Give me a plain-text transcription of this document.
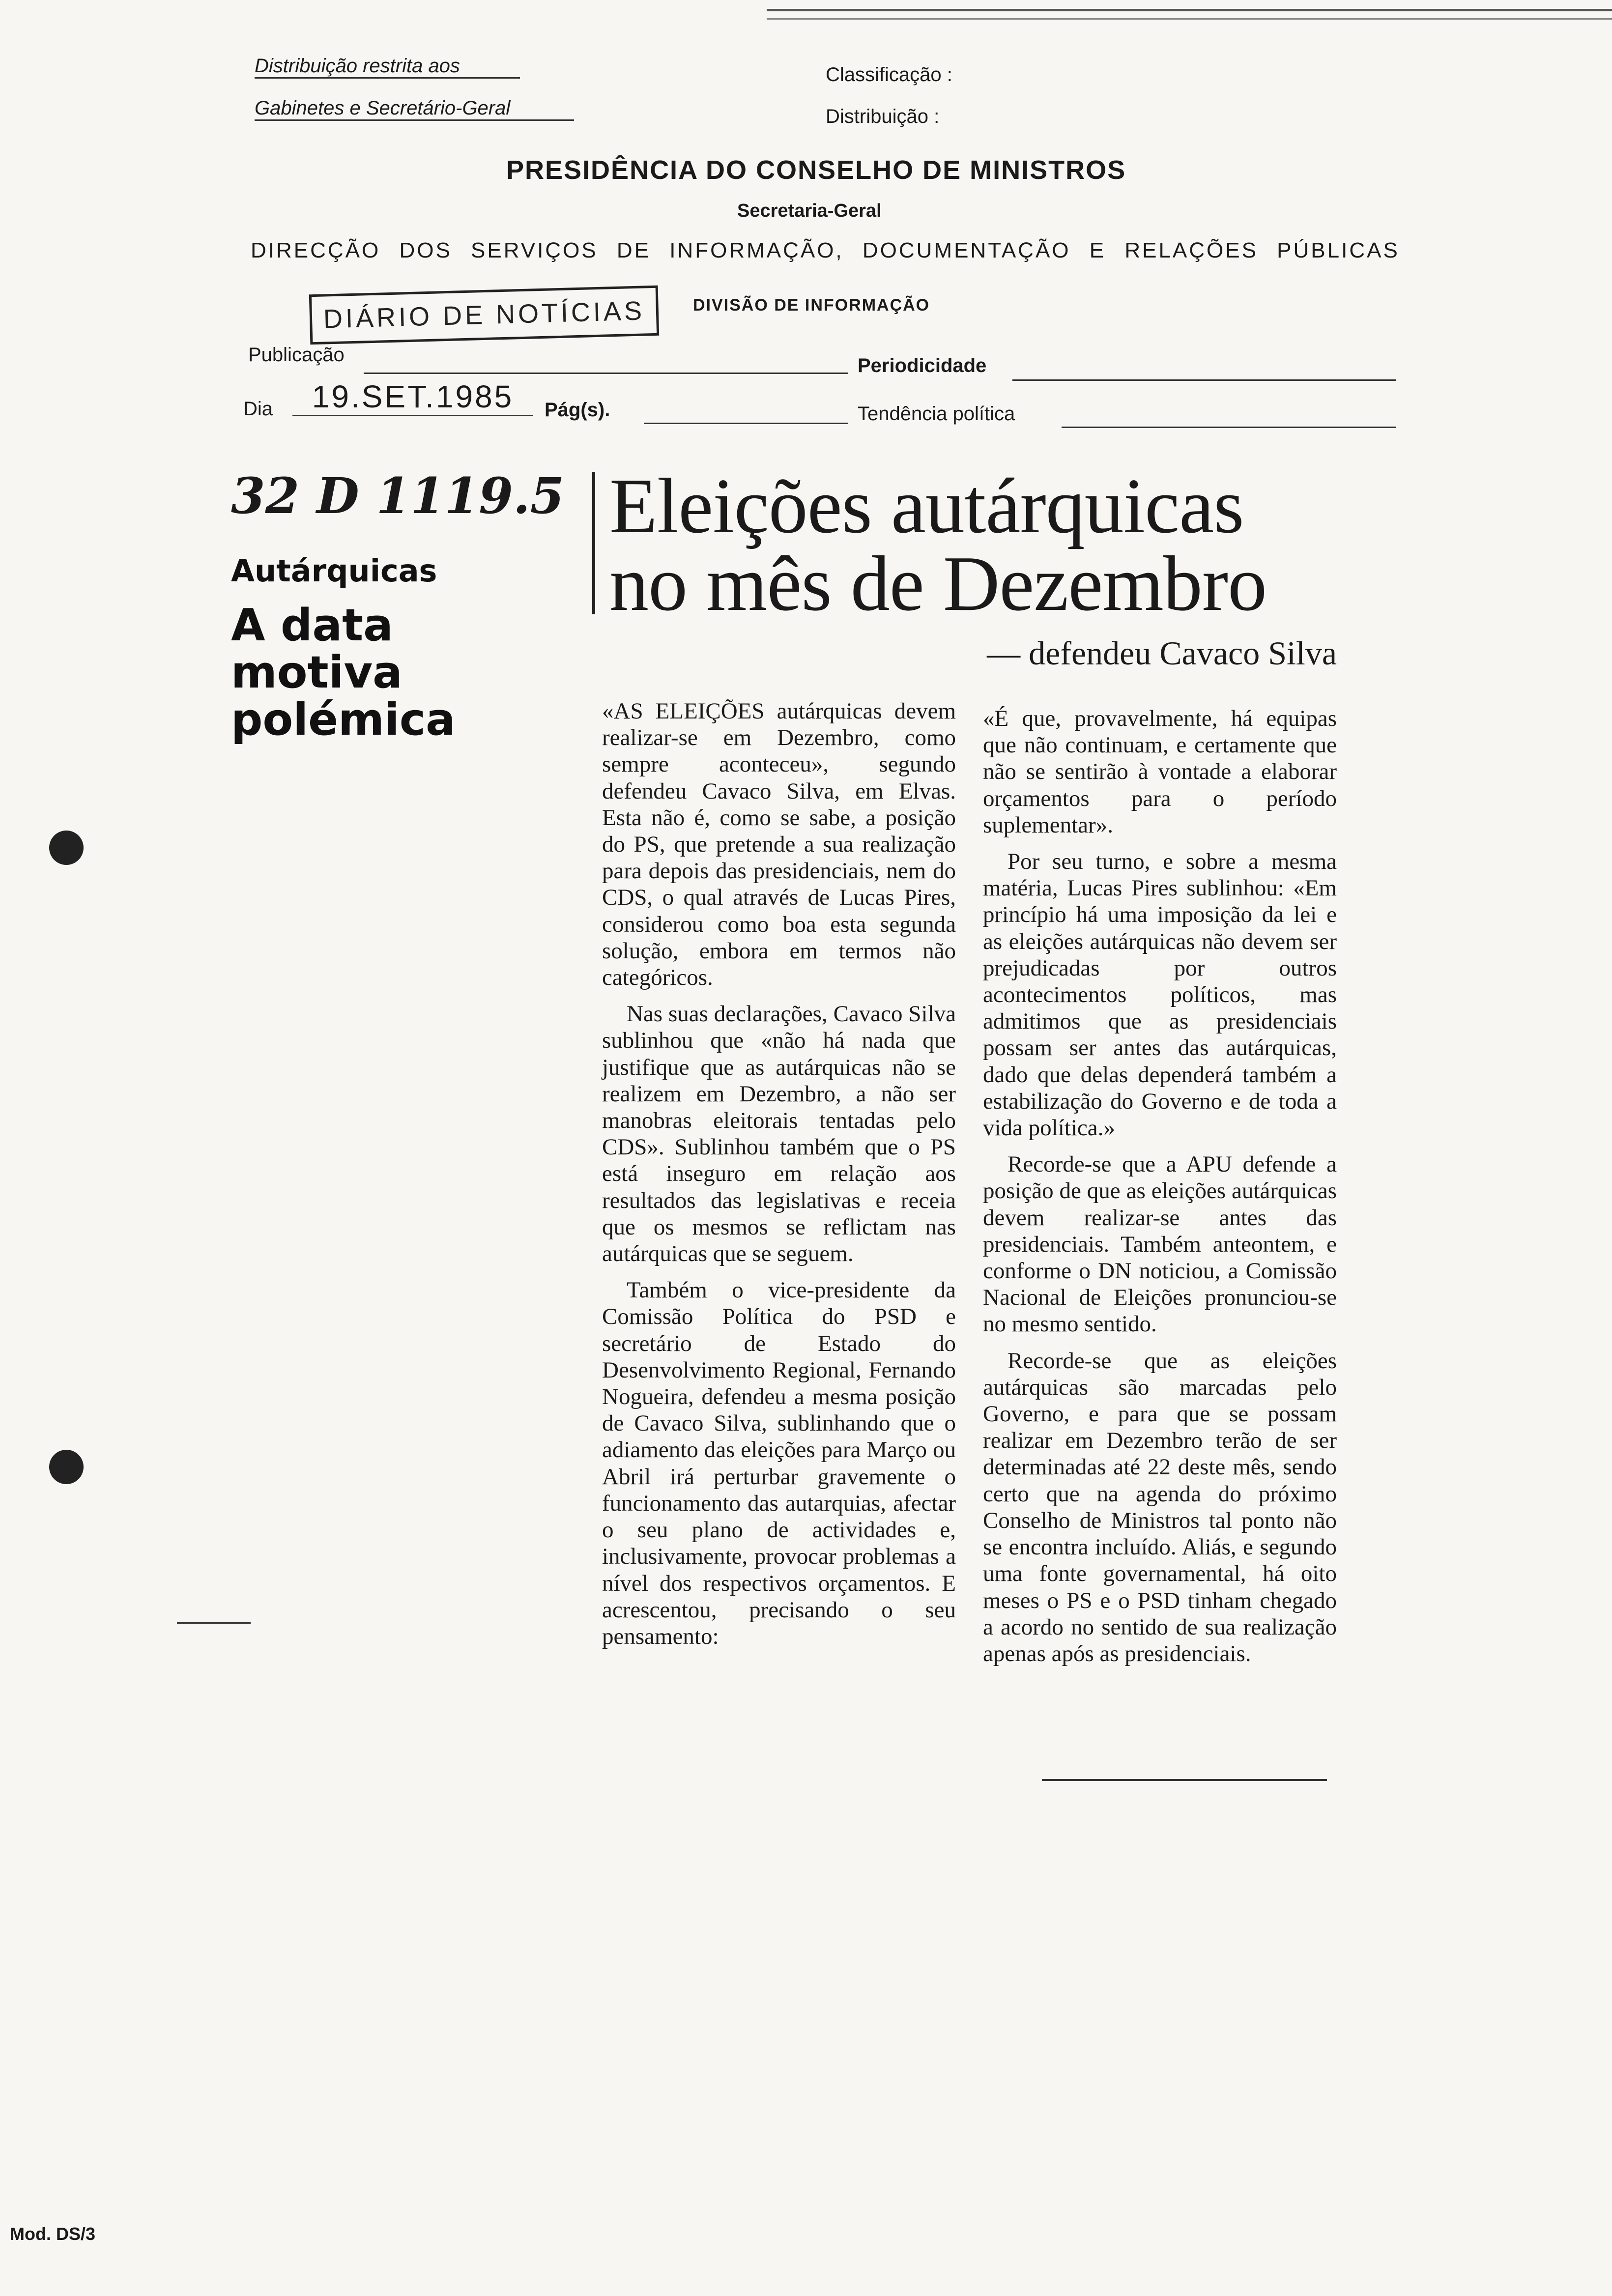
Distribuição restrita aos
Gabinetes e Secretário-Geral
Classificação :
Distribuição :
PRESIDÊNCIA DO CONSELHO DE MINISTROS
Secretaria-Geral
DIRECÇÃO DOS SERVIÇOS DE INFORMAÇÃO, DOCUMENTAÇÃO E RELAÇÕES PÚBLICAS
DIÁRIO DE NOTÍCIAS	DIVISÃO DE INFORMAÇÃO
Publicação	Periodicidade
Dia	19.SET.1985	Pág(s).	Tendência política
32 D 1119.5
Autárquicas
A data
motiva
polémica
Eleições autárquicas
no mês de Dezembro
— defendeu Cavaco Silva

«AS ELEIÇÕES autárquicas devem realizar-se em Dezembro, como sempre aconteceu», segundo defendeu Cavaco Silva, em Elvas. Esta não é, como se sabe, a posição do PS, que pretende a sua realização para depois das presidenciais, nem do CDS, o qual através de Lucas Pires, considerou como boa esta segunda solução, embora em termos não categóricos.

Nas suas declarações, Cavaco Silva sublinhou que «não há nada que justifique que as autárquicas não se realizem em Dezembro, a não ser manobras eleitorais tentadas pelo CDS». Sublinhou também que o PS está inseguro em relação aos resultados das legislativas e receia que os mesmos se reflictam nas autárquicas que se seguem.

Também o vice-presidente da Comissão Política do PSD e secretário de Estado do Desenvolvimento Regional, Fernando Nogueira, defendeu a mesma posição de Cavaco Silva, sublinhando que o adiamento das eleições para Março ou Abril irá perturbar gravemente o funcionamento das autarquias, afectar o seu plano de actividades e, inclusivamente, provocar problemas a nível dos respectivos orçamentos. E acrescentou, precisando o seu pensamento:

«É que, provavelmente, há equipas que não continuam, e certamente que não se sentirão à vontade a elaborar orçamentos para o período suplementar».

Por seu turno, e sobre a mesma matéria, Lucas Pires sublinhou: «Em princípio há uma imposição da lei e as eleições autárquicas não devem ser prejudicadas por outros acontecimentos políticos, mas admitimos que as presidenciais possam ser antes das autárquicas, dado que delas dependerá também a estabilização do Governo e de toda a vida política.»

Recorde-se que a APU defende a posição de que as eleições autárquicas devem realizar-se antes das presidenciais. Também anteontem, e conforme o DN noticiou, a Comissão Nacional de Eleições pronunciou-se no mesmo sentido.

Recorde-se que as eleições autárquicas são marcadas pelo Governo, e para que se possam realizar em Dezembro terão de ser determinadas até 22 deste mês, sendo certo que na agenda do próximo Conselho de Ministros tal ponto não se encontra incluído. Aliás, e segundo uma fonte governamental, há oito meses o PS e o PSD tinham chegado a acordo no sentido de sua realização apenas após as presidenciais.

Mod. DS/3
